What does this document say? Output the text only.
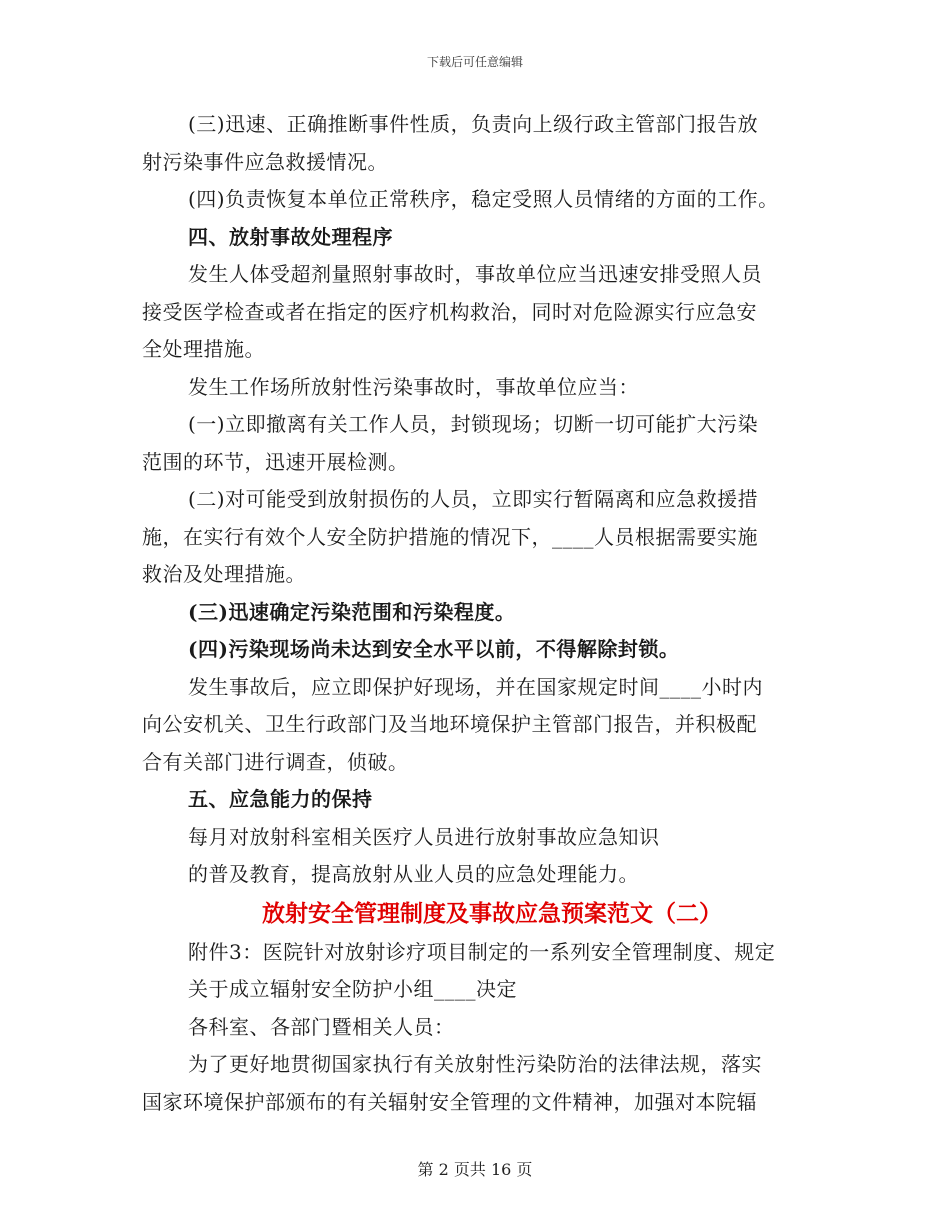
下载后可任意编辑

(三)迅速、正确推断事件性质，负责向上级行政主管部门报告放

射污染事件应急救援情况。

(四)负责恢复本单位正常秩序，稳定受照人员情绪的方面的工作。

四、放射事故处理程序

发生人体受超剂量照射事故时，事故单位应当迅速安排受照人员

接受医学检查或者在指定的医疗机构救治，同时对危险源实行应急安

全处理措施。

发生工作场所放射性污染事故时，事故单位应当：

(一)立即撤离有关工作人员，封锁现场；切断一切可能扩大污染

范围的环节，迅速开展检测。

(二)对可能受到放射损伤的人员，立即实行暂隔离和应急救援措

施，在实行有效个人安全防护措施的情况下，____人员根据需要实施

救治及处理措施。

(三)迅速确定污染范围和污染程度。

(四)污染现场尚未达到安全水平以前，不得解除封锁。

发生事故后，应立即保护好现场，并在国家规定时间____小时内

向公安机关、卫生行政部门及当地环境保护主管部门报告，并积极配

合有关部门进行调查，侦破。

五、应急能力的保持

每月对放射科室相关医疗人员进行放射事故应急知识

的普及教育，提高放射从业人员的应急处理能力。

放射安全管理制度及事故应急预案范文（二）

附件3：医院针对放射诊疗项目制定的一系列安全管理制度、规定

关于成立辐射安全防护小组____决定

各科室、各部门暨相关人员：

为了更好地贯彻国家执行有关放射性污染防治的法律法规，落实

国家环境保护部颁布的有关辐射安全管理的文件精神，加强对本院辐

第 2 页共 16 页
